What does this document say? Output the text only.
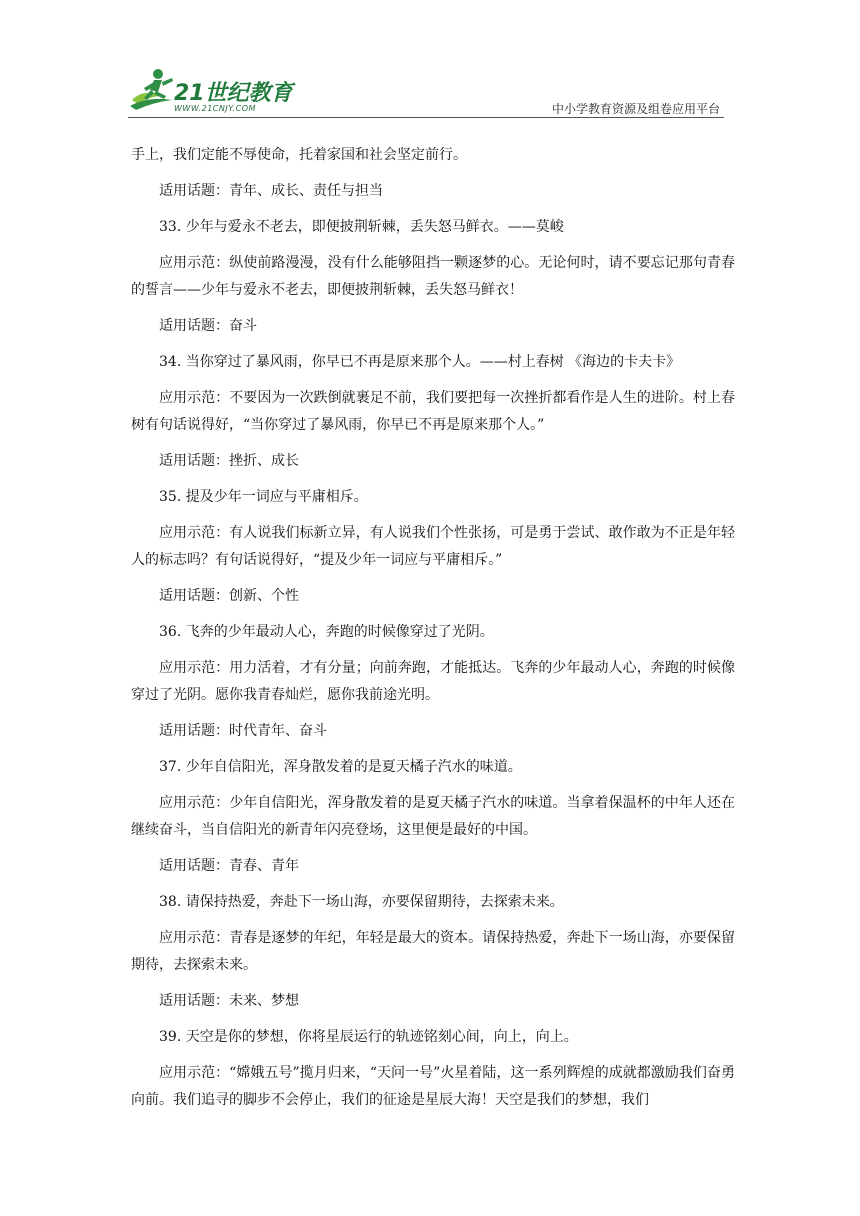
21世纪教育
WWW.21CNJY.COM	中小学教育资源及组卷应用平台

手上，我们定能不辱使命，托着家国和社会坚定前行。

适用话题：青年、成长、责任与担当

33. 少年与爱永不老去，即便披荆斩棘，丢失怒马鲜衣。——莫峻

应用示范：纵使前路漫漫，没有什么能够阻挡一颗逐梦的心。无论何时，请不要忘记那句青春的誓言——少年与爱永不老去，即便披荆斩棘，丢失怒马鲜衣！

适用话题：奋斗

34. 当你穿过了暴风雨，你早已不再是原来那个人。——村上春树 《海边的卡夫卡》

应用示范：不要因为一次跌倒就裹足不前，我们要把每一次挫折都看作是人生的进阶。村上春树有句话说得好，“当你穿过了暴风雨，你早已不再是原来那个人。”

适用话题：挫折、成长

35. 提及少年一词应与平庸相斥。

应用示范：有人说我们标新立异，有人说我们个性张扬，可是勇于尝试、敢作敢为不正是年轻人的标志吗？有句话说得好，“提及少年一词应与平庸相斥。”

适用话题：创新、个性

36. 飞奔的少年最动人心，奔跑的时候像穿过了光阴。

应用示范：用力活着，才有分量；向前奔跑，才能抵达。飞奔的少年最动人心，奔跑的时候像穿过了光阴。愿你我青春灿烂，愿你我前途光明。

适用话题：时代青年、奋斗

37. 少年自信阳光，浑身散发着的是夏天橘子汽水的味道。

应用示范：少年自信阳光，浑身散发着的是夏天橘子汽水的味道。当拿着保温杯的中年人还在继续奋斗，当自信阳光的新青年闪亮登场，这里便是最好的中国。

适用话题：青春、青年

38. 请保持热爱，奔赴下一场山海，亦要保留期待，去探索未来。

应用示范：青春是逐梦的年纪，年轻是最大的资本。请保持热爱，奔赴下一场山海，亦要保留期待，去探索未来。

适用话题：未来、梦想

39. 天空是你的梦想，你将星辰运行的轨迹铭刻心间，向上，向上。

应用示范：“嫦娥五号”揽月归来，“天问一号”火星着陆，这一系列辉煌的成就都激励我们奋勇向前。我们追寻的脚步不会停止，我们的征途是星辰大海！天空是我们的梦想，我们
